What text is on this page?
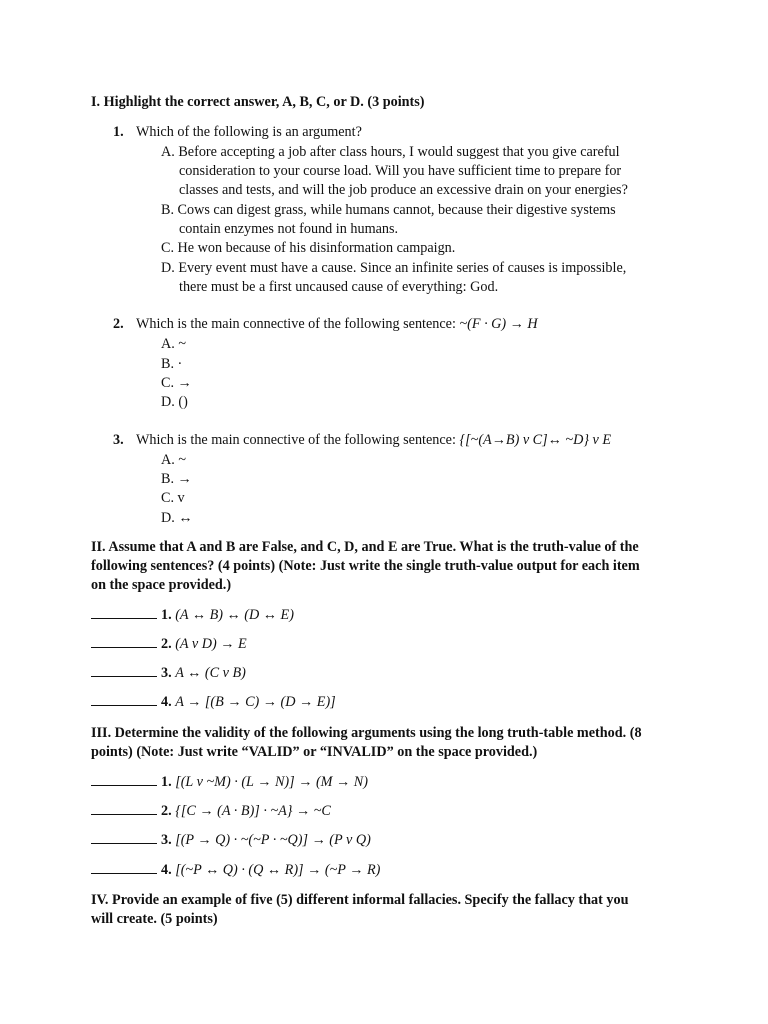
I. Highlight the correct answer, A, B, C, or D. (3 points)
1. Which of the following is an argument?
A. Before accepting a job after class hours, I would suggest that you give careful
consideration to your course load. Will you have sufficient time to prepare for
classes and tests, and will the job produce an excessive drain on your energies?
B. Cows can digest grass, while humans cannot, because their digestive systems
contain enzymes not found in humans.
C. He won because of his disinformation campaign.
D. Every event must have a cause. Since an infinite series of causes is impossible,
there must be a first uncaused cause of everything: God.
2. Which is the main connective of the following sentence: ~(F · G) → H
A. ~
B. ·
C. →
D. ()
3. Which is the main connective of the following sentence: {[~(A→B) v C]↔ ~D} v E
A. ~
B. →
C. v
D. ↔
II. Assume that A and B are False, and C, D, and E are True. What is the truth-value of the
following sentences? (4 points) (Note: Just write the single truth-value output for each item
on the space provided.)
1. (A ↔ B) ↔ (D ↔ E)
2. (A v D) → E
3. A ↔ (C v B)
4. A → [(B → C) → (D → E)]
III. Determine the validity of the following arguments using the long truth-table method. (8
points) (Note: Just write “VALID” or “INVALID” on the space provided.)
1. [(L v ~M) · (L → N)] → (M → N)
2. {[C → (A · B)] · ~A} → ~C
3. [(P → Q) · ~(~P · ~Q)] → (P v Q)
4. [(~P ↔ Q) · (Q ↔ R)] → (~P → R)
IV. Provide an example of five (5) different informal fallacies. Specify the fallacy that you
will create. (5 points)
